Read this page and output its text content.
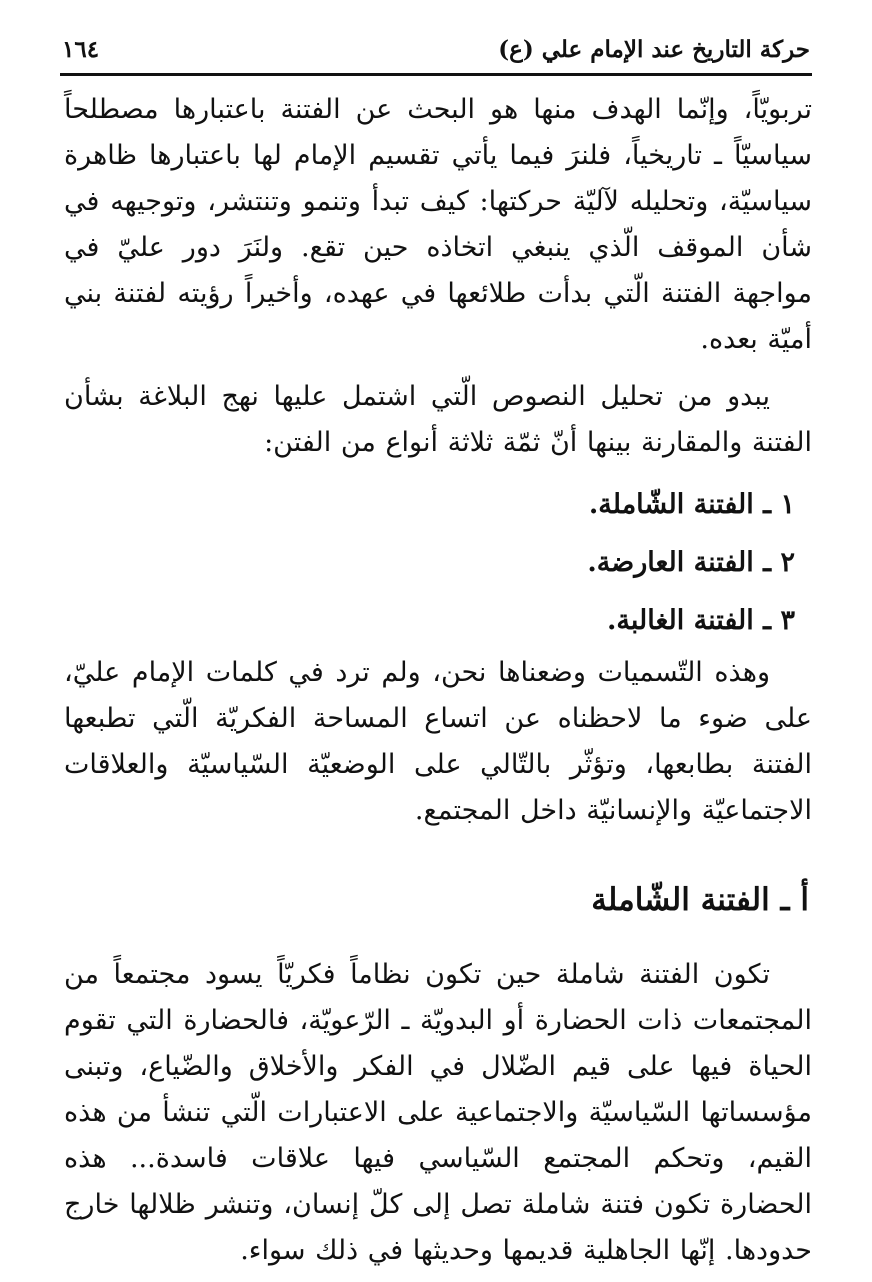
حركة التاريخ عند الإمام علي (ع)
١٦٤

تربويّاً، وإنّما الهدف منها هو البحث عن الفتنة باعتبارها مصطلحاً سياسيّاً ـ تاريخياً، فلنرَ فيما يأتي تقسيم الإمام لها باعتبارها ظاهرة سياسيّة، وتحليله لآليّة حركتها: كيف تبدأ وتنمو وتنتشر، وتوجيهه في شأن الموقف الّذي ينبغي اتخاذه حين تقع. ولنَرَ دور عليّ في مواجهة الفتنة الّتي بدأت طلائعها في عهده، وأخيراً رؤيته لفتنة بني أميّة بعده.

يبدو من تحليل النصوص الّتي اشتمل عليها نهج البلاغة بشأن الفتنة والمقارنة بينها أنّ ثمّة ثلاثة أنواع من الفتن:

١ ـ الفتنة الشّاملة.
٢ ـ الفتنة العارضة.
٣ ـ الفتنة الغالبة.

وهذه التّسميات وضعناها نحن، ولم ترد في كلمات الإمام عليّ، على ضوء ما لاحظناه عن اتساع المساحة الفكريّة الّتي تطبعها الفتنة بطابعها، وتؤثّر بالتّالي على الوضعيّة السّياسيّة والعلاقات الاجتماعيّة والإنسانيّة داخل المجتمع.

أ ـ الفتنة الشّاملة

تكون الفتنة شاملة حين تكون نظاماً فكريّاً يسود مجتمعاً من المجتمعات ذات الحضارة أو البدويّة ـ الرّعويّة، فالحضارة التي تقوم الحياة فيها على قيم الضّلال في الفكر والأخلاق والضّياع، وتبنى مؤسساتها السّياسيّة والاجتماعية على الاعتبارات الّتي تنشأ من هذه القيم، وتحكم المجتمع السّياسي فيها علاقات فاسدة... هذه الحضارة تكون فتنة شاملة تصل إلى كلّ إنسان، وتنشر ظلالها خارج حدودها. إنّها الجاهلية قديمها وحديثها في ذلك سواء.
